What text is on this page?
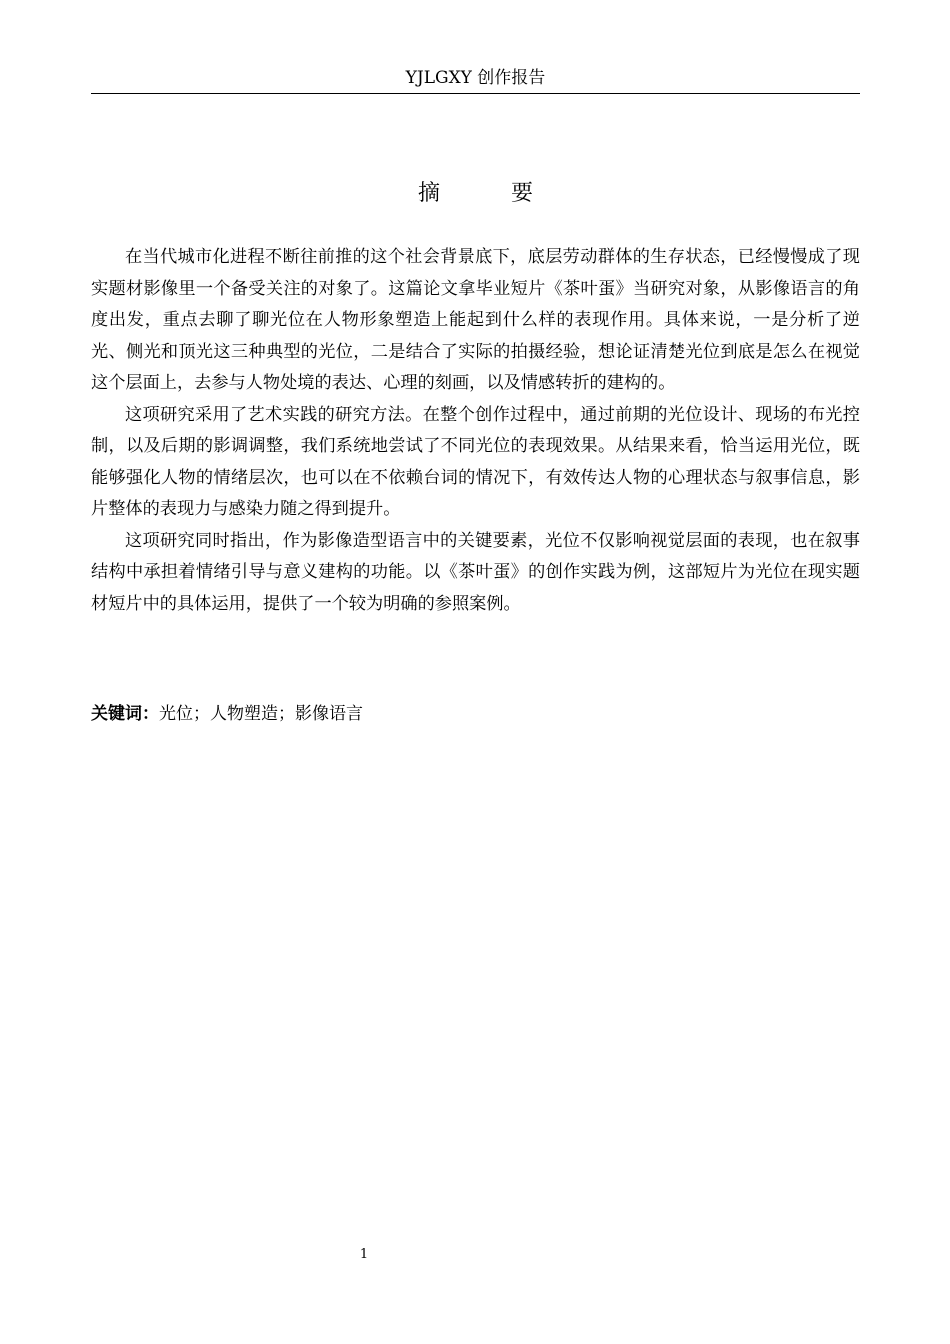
YJLGXY 创作报告
摘 要

在当代城市化进程不断往前推的这个社会背景底下，底层劳动群体的生存状态，已经慢慢成了现实题材影像里一个备受关注的对象了。这篇论文拿毕业短片《茶叶蛋》当研究对象，从影像语言的角度出发，重点去聊了聊光位在人物形象塑造上能起到什么样的表现作用。具体来说，一是分析了逆光、侧光和顶光这三种典型的光位，二是结合了实际的拍摄经验，想论证清楚光位到底是怎么在视觉这个层面上，去参与人物处境的表达、心理的刻画，以及情感转折的建构的。

这项研究采用了艺术实践的研究方法。在整个创作过程中，通过前期的光位设计、现场的布光控制，以及后期的影调调整，我们系统地尝试了不同光位的表现效果。从结果来看，恰当运用光位，既能够强化人物的情绪层次，也可以在不依赖台词的情况下，有效传达人物的心理状态与叙事信息，影片整体的表现力与感染力随之得到提升。

这项研究同时指出，作为影像造型语言中的关键要素，光位不仅影响视觉层面的表现，也在叙事结构中承担着情绪引导与意义建构的功能。以《茶叶蛋》的创作实践为例，这部短片为光位在现实题材短片中的具体运用，提供了一个较为明确的参照案例。

关键词：光位；人物塑造；影像语言
1
